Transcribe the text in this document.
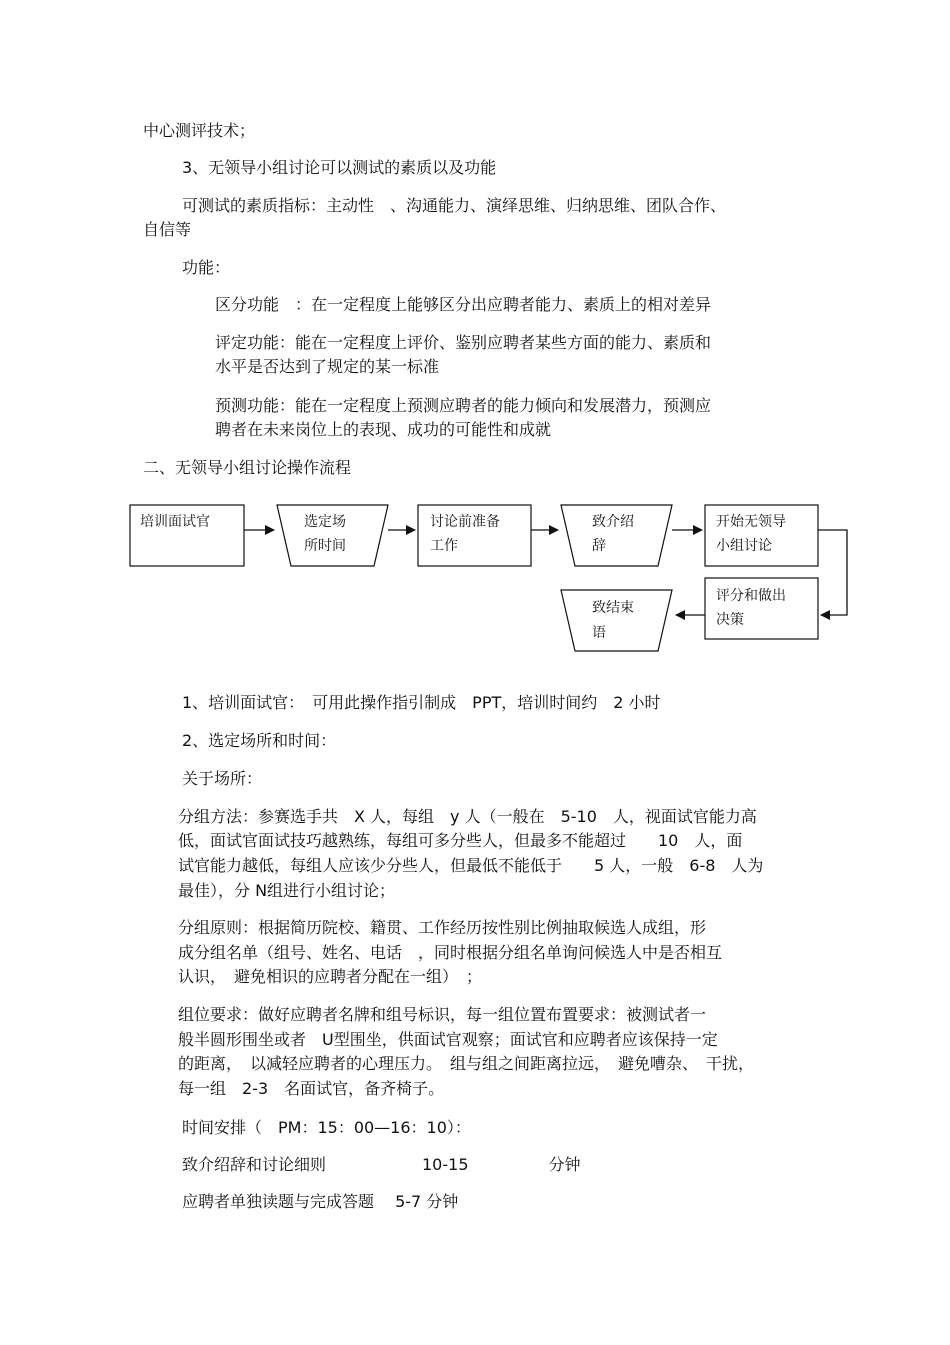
中心测评技术；
3、无领导小组讨论可以测试的素质以及功能
可测试的素质指标：主动性　、沟通能力、演绎思维、归纳思维、团队合作、
自信等
功能：
区分功能　：在一定程度上能够区分出应聘者能力、素质上的相对差异
评定功能：能在一定程度上评价、鉴别应聘者某些方面的能力、素质和
水平是否达到了规定的某一标准
预测功能：能在一定程度上预测应聘者的能力倾向和发展潜力，预测应
聘者在未来岗位上的表现、成功的可能性和成就
二、无领导小组讨论操作流程
培训面试官	选定场
所时间
讨论前准备
工作
致介绍
辞
开始无领导
小组讨论
评分和做出
决策
致结束
语
1、培训面试官：　可用此操作指引制成　PPT，培训时间约　2 小时
2、选定场所和时间：
关于场所：
分组方法：参赛选手共　X 人，每组　y 人（一般在　5-10　人，视面试官能力高
低，面试官面试技巧越熟练，每组可多分些人，但最多不能超过　　10　人，面
试官能力越低，每组人应该少分些人，但最低不能低于　　5 人，一般　6-8　人为
最佳），分 N组进行小组讨论；
分组原则：根据简历院校、籍贯、工作经历按性别比例抽取候选人成组，形
成分组名单（组号、姓名、电话　，同时根据分组名单询问候选人中是否相互
认识，　避免相识的应聘者分配在一组）　；
组位要求：做好应聘者名牌和组号标识，每一组位置布置要求：被测试者一
般半圆形围坐或者　U型围坐，供面试官观察；面试官和应聘者应该保持一定
的距离，　以减轻应聘者的心理压力。　组与组之间距离拉远，　避免嘈杂、　干扰，
每一组　2-3　名面试官，备齐椅子。
时间安排（　PM：15：00—16：10）：
致介绍辞和讨论细则　　　　　　10-15　　　　　分钟
应聘者单独读题与完成答题　 5-7 分钟
